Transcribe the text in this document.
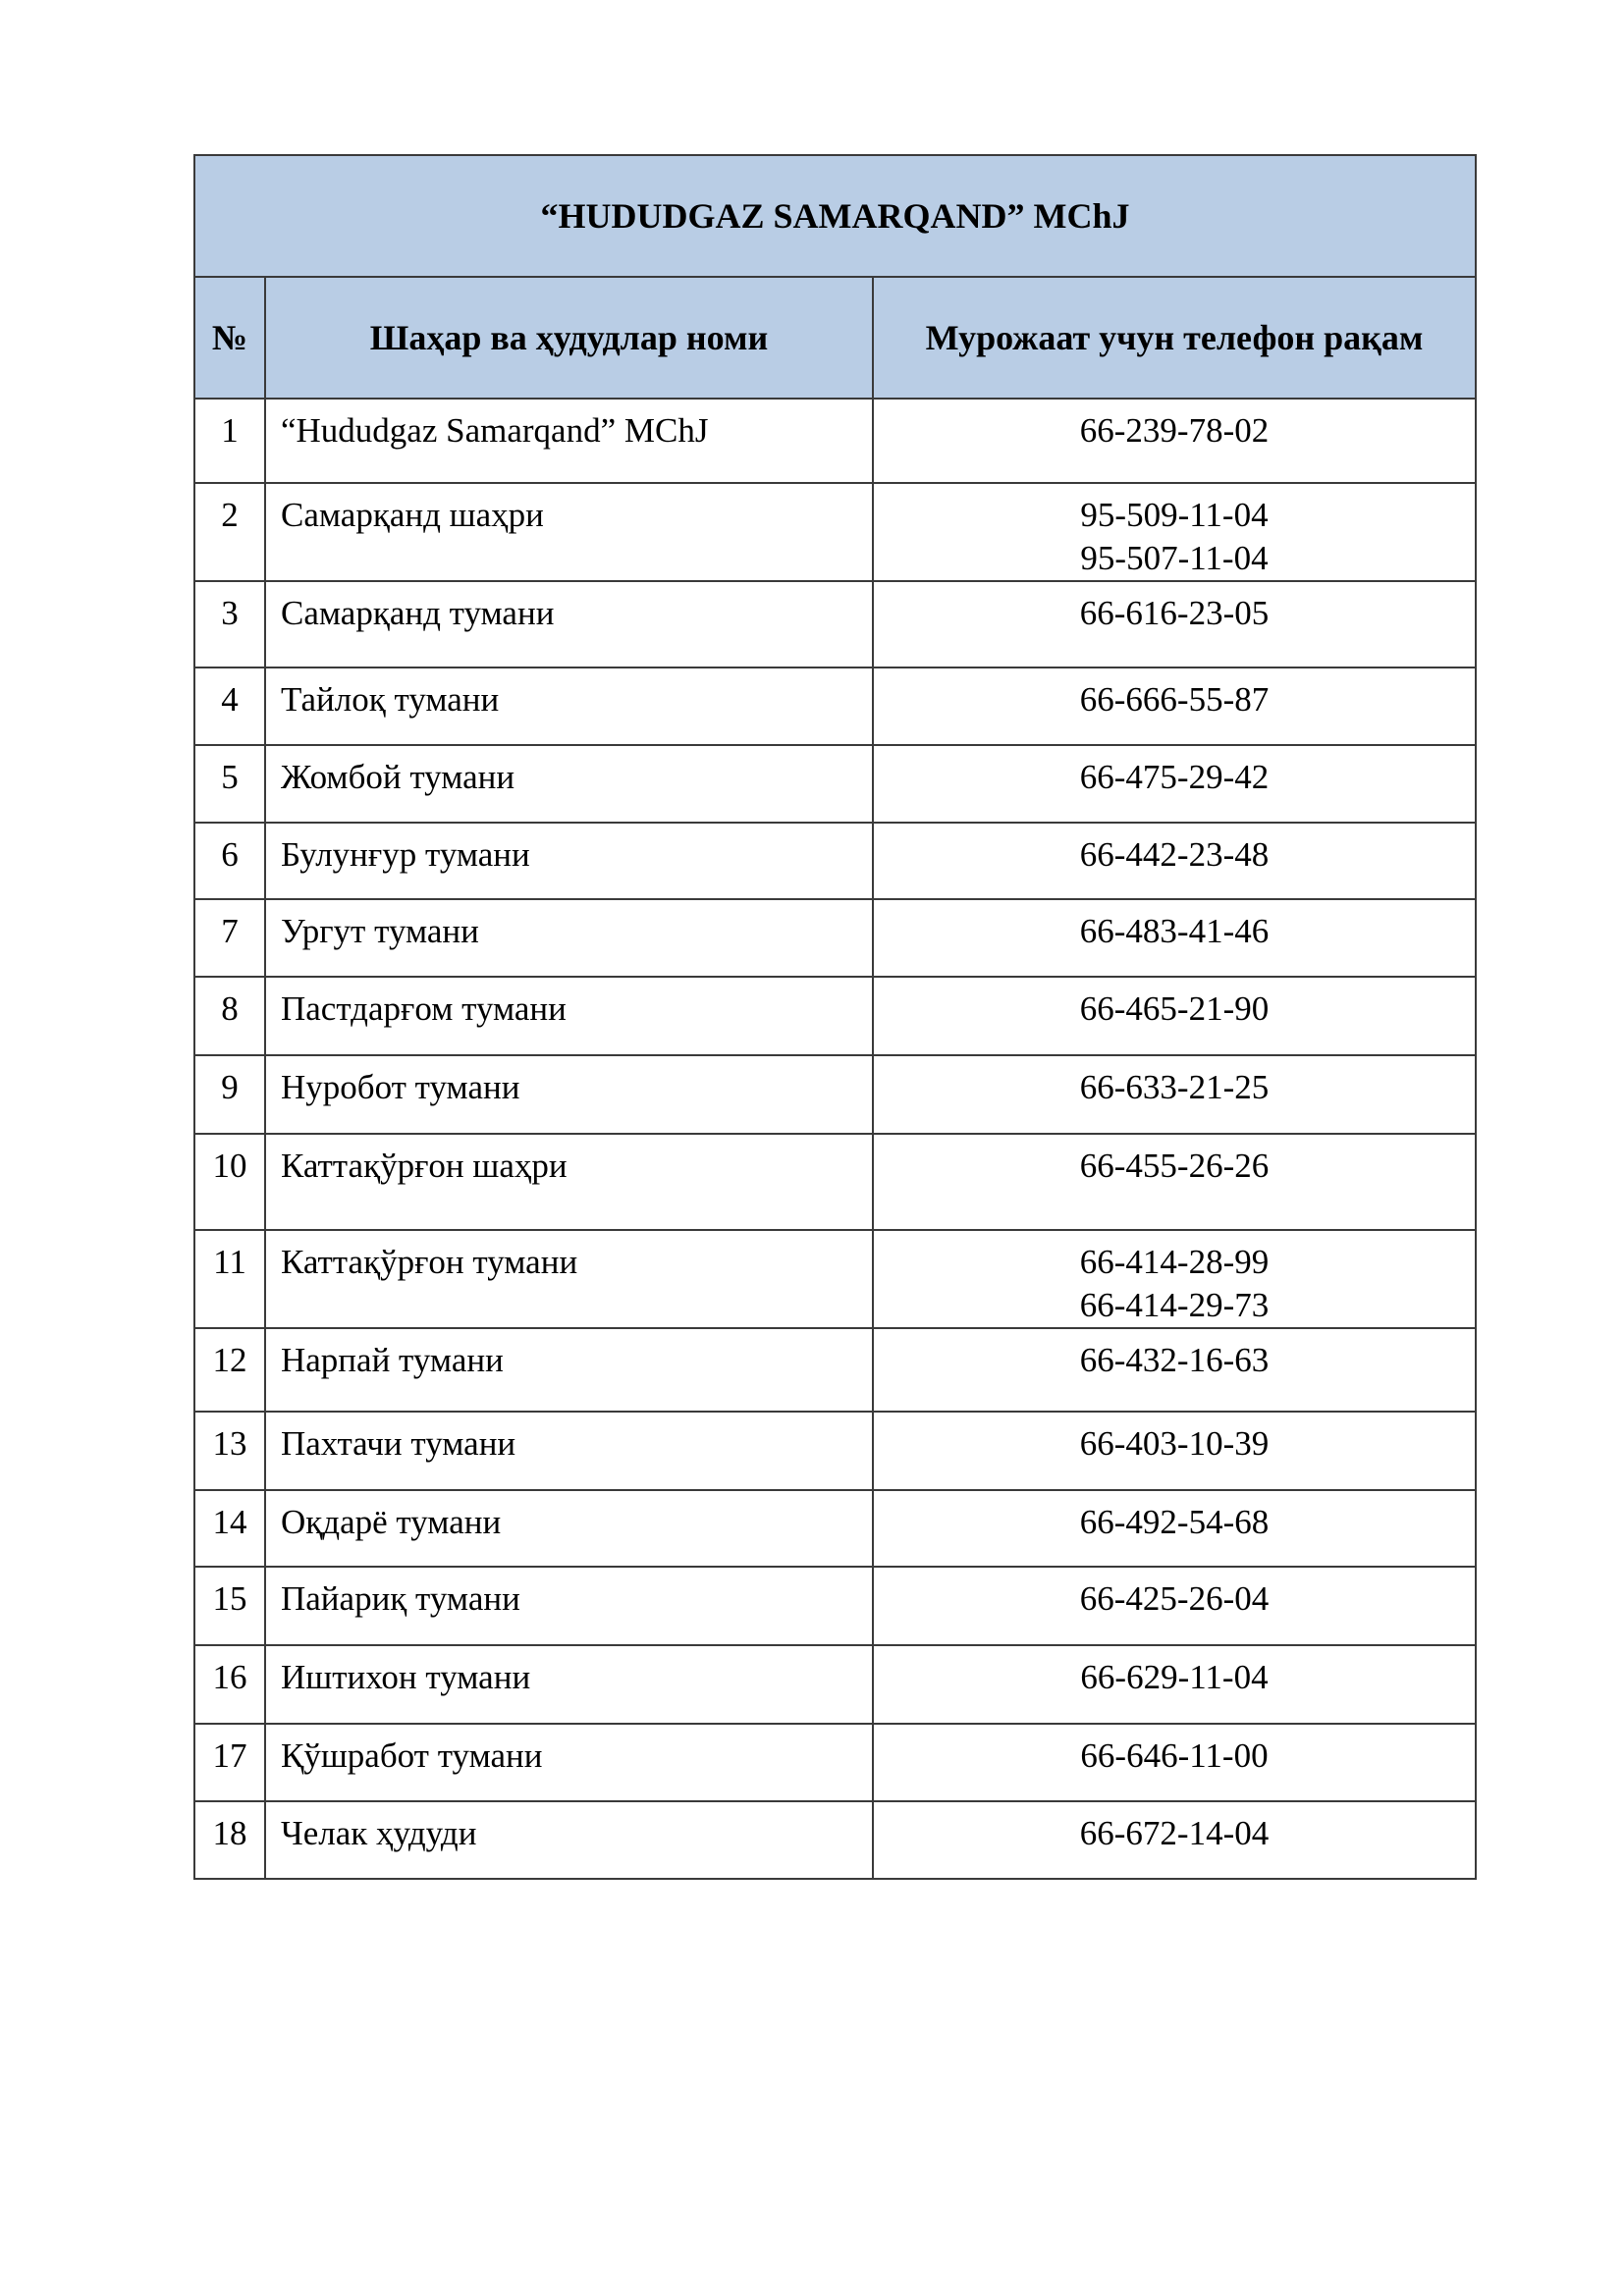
“HUDUDGAZ SAMARQAND” MChJ		
№	Шаҳар ва ҳудудлар номи	Мурожаат учун телефон рақам
1	“Hududgaz Samarqand” MChJ	66-239-78-02

2	Самарқанд шаҳри	95-509-11-04
95-507-11-04

3	Самарқанд тумани	66-616-23-05

4	Тайлоқ тумани	66-666-55-87

5	Жомбой тумани	66-475-29-42

6	Булунғур тумани	66-442-23-48

7	Ургут тумани	66-483-41-46

8	Пастдарғом тумани	66-465-21-90

9	Нуробот тумани	66-633-21-25

10	Каттақўрғон шаҳри	66-455-26-26

11	Каттақўрғон тумани	66-414-28-99
66-414-29-73

12	Нарпай тумани	66-432-16-63

13	Пахтачи тумани	66-403-10-39

14	Оқдарё тумани	66-492-54-68

15	Пайариқ тумани	66-425-26-04

16	Иштихон тумани	66-629-11-04

17	Қўшработ тумани	66-646-11-00

18	Челак ҳудуди	66-672-14-04
